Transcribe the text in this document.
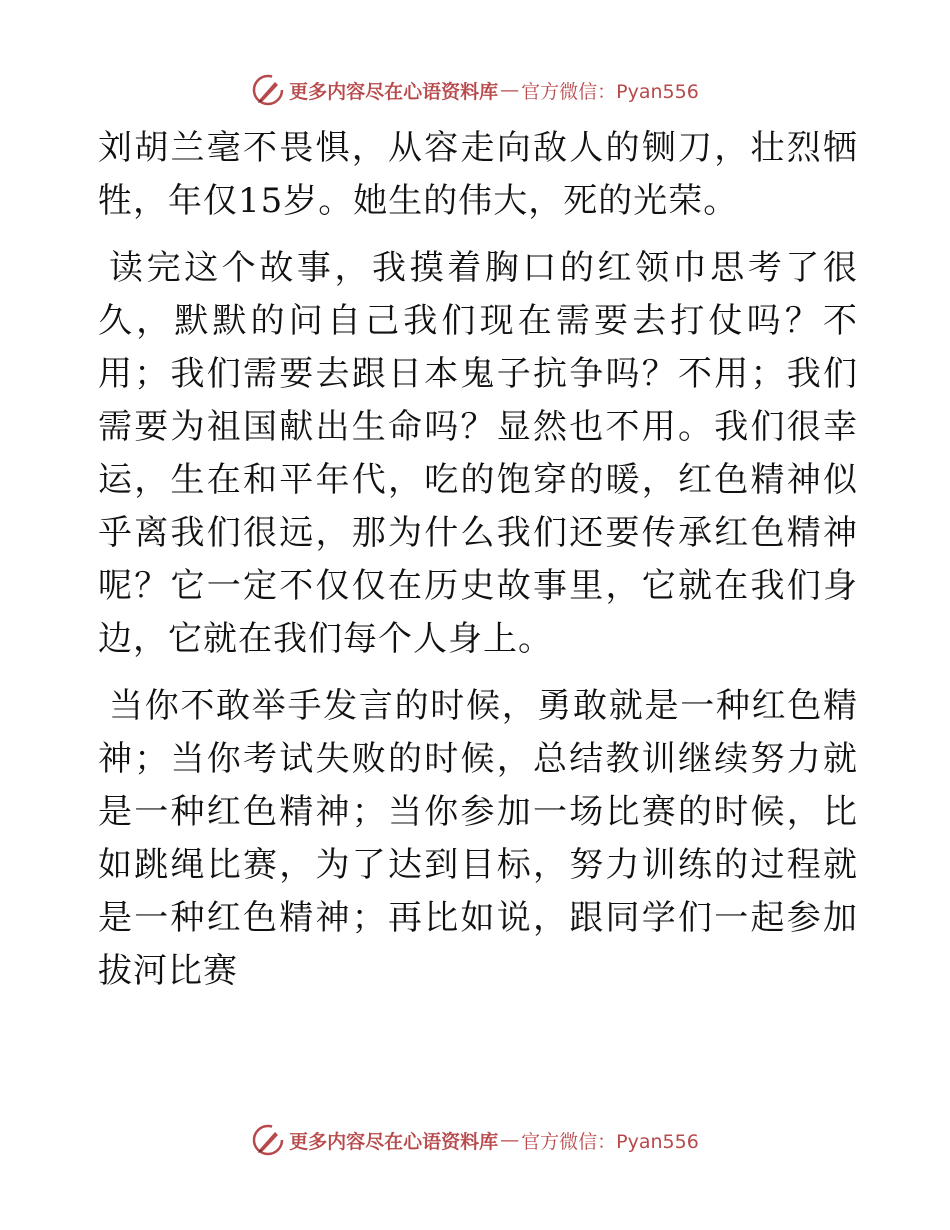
更多内容尽在心语资料库 — 官方微信：Pyan556

刘胡兰毫不畏惧，从容走向敌人的铡刀，壮烈牺牲，年仅15岁。她生的伟大，死的光荣。

读完这个故事，我摸着胸口的红领巾思考了很久，默默的问自己我们现在需要去打仗吗？不用；我们需要去跟日本鬼子抗争吗？不用；我们需要为祖国献出生命吗？显然也不用。我们很幸运，生在和平年代，吃的饱穿的暖，红色精神似乎离我们很远，那为什么我们还要传承红色精神呢？它一定不仅仅在历史故事里，它就在我们身边，它就在我们每个人身上。

当你不敢举手发言的时候，勇敢就是一种红色精神；当你考试失败的时候，总结教训继续努力就是一种红色精神；当你参加一场比赛的时候，比如跳绳比赛，为了达到目标，努力训练的过程就是一种红色精神；再比如说，跟同学们一起参加拔河比赛

更多内容尽在心语资料库 — 官方微信：Pyan556
